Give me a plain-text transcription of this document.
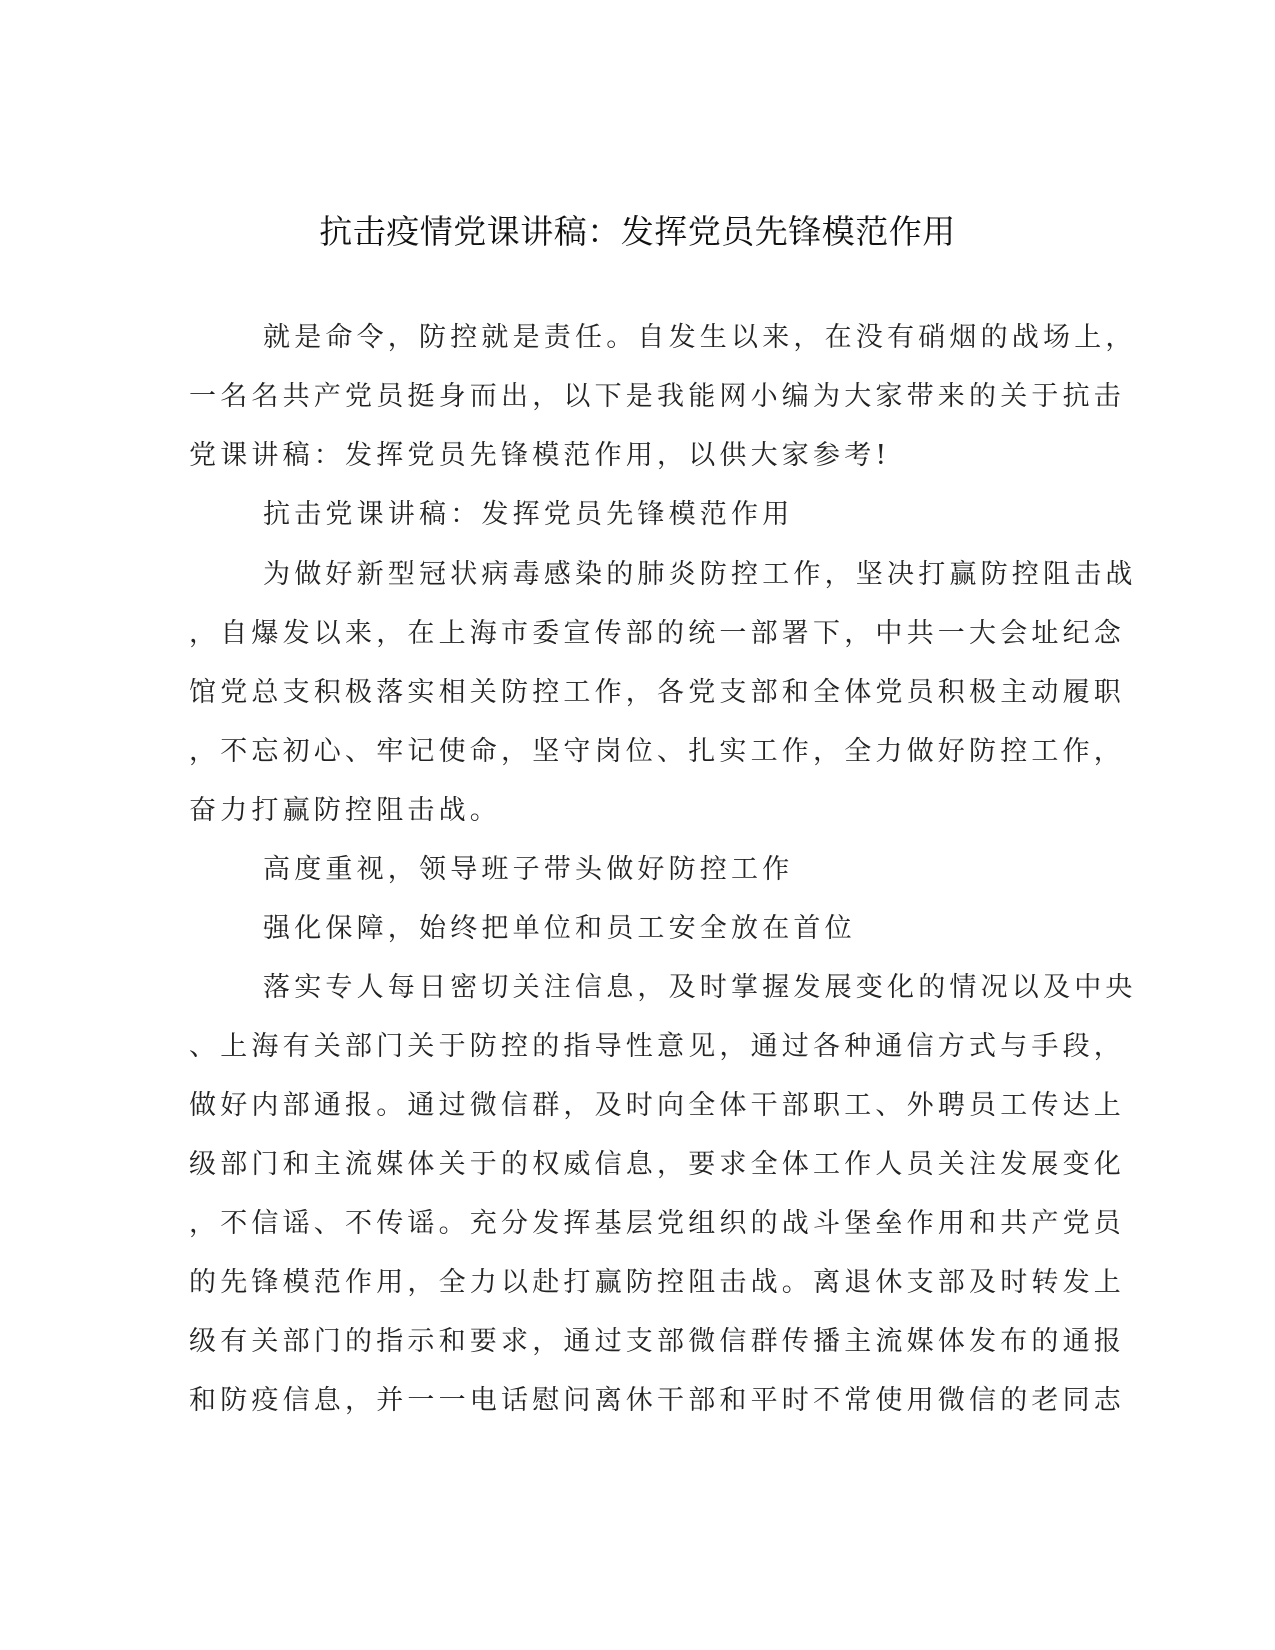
抗击疫情党课讲稿：发挥党员先锋模范作用
就是命令，防控就是责任。自发生以来，在没有硝烟的战场上，
一名名共产党员挺身而出，以下是我能网小编为大家带来的关于抗击
党课讲稿：发挥党员先锋模范作用，以供大家参考!
抗击党课讲稿：发挥党员先锋模范作用
为做好新型冠状病毒感染的肺炎防控工作，坚决打赢防控阻击战
，自爆发以来，在上海市委宣传部的统一部署下，中共一大会址纪念
馆党总支积极落实相关防控工作，各党支部和全体党员积极主动履职
，不忘初心、牢记使命，坚守岗位、扎实工作，全力做好防控工作，
奋力打赢防控阻击战。
高度重视，领导班子带头做好防控工作
强化保障，始终把单位和员工安全放在首位
落实专人每日密切关注信息，及时掌握发展变化的情况以及中央
、上海有关部门关于防控的指导性意见，通过各种通信方式与手段，
做好内部通报。通过微信群，及时向全体干部职工、外聘员工传达上
级部门和主流媒体关于的权威信息，要求全体工作人员关注发展变化
，不信谣、不传谣。充分发挥基层党组织的战斗堡垒作用和共产党员
的先锋模范作用，全力以赴打赢防控阻击战。离退休支部及时转发上
级有关部门的指示和要求，通过支部微信群传播主流媒体发布的通报
和防疫信息，并一一电话慰问离休干部和平时不常使用微信的老同志
